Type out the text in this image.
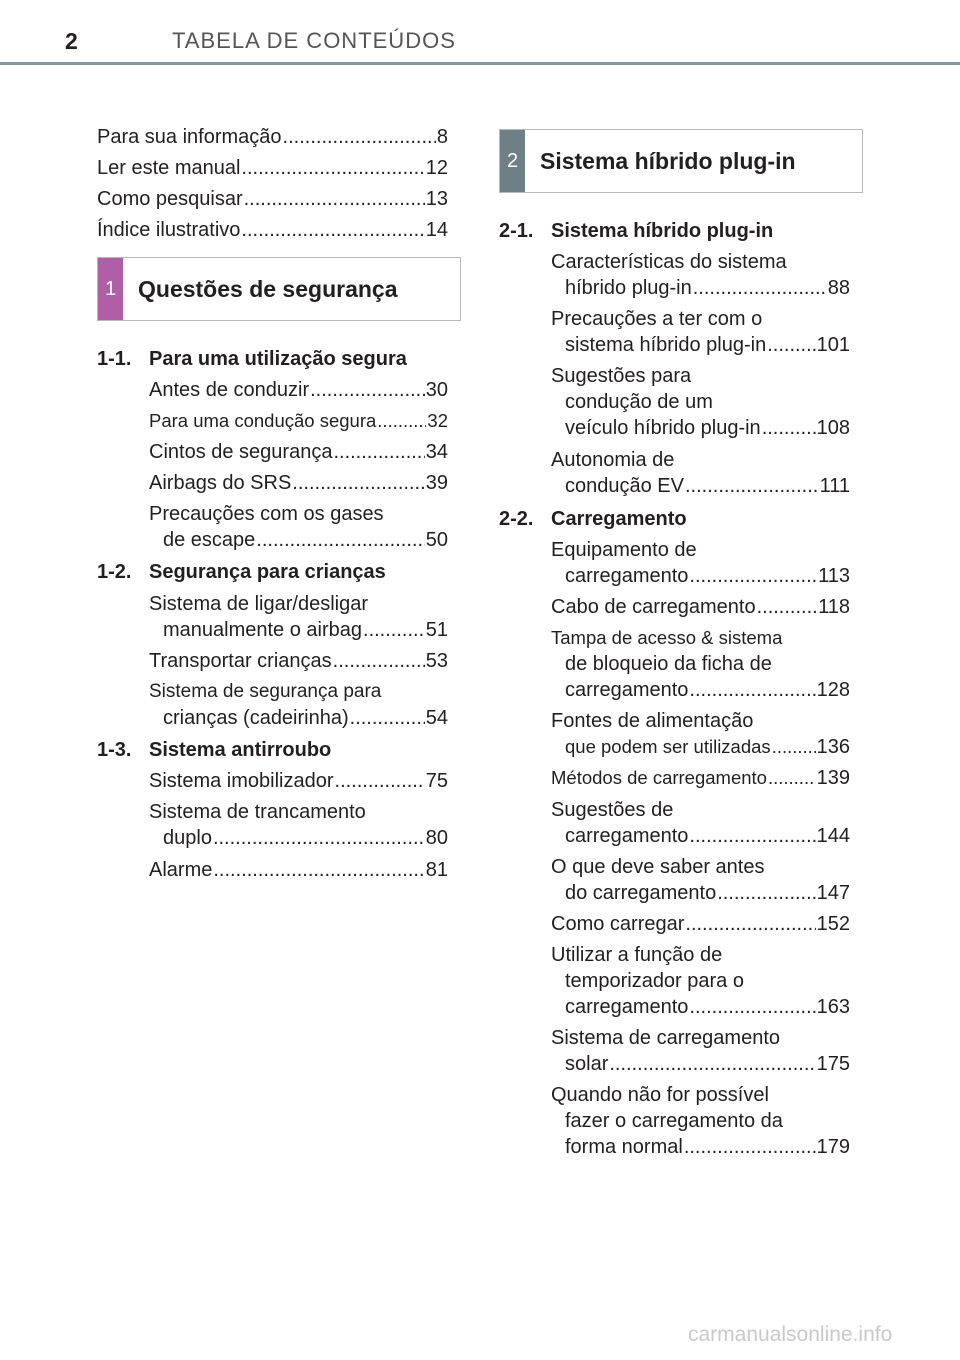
2	TABELA DE CONTEÚDOS
Para sua informação .....	8
Ler este manual .....	12
Como pesquisar .....	13
Índice ilustrativo .....	14
1 Questões de segurança
1-1. Para uma utilização segura
Antes de conduzir .....	30
Para uma condução segura .....	32
Cintos de segurança .....	34
Airbags do SRS .....	39
Precauções com os gases
de escape .....	50
1-2. Segurança para crianças
Sistema de ligar/desligar
manualmente o airbag .....	51
Transportar crianças .....	53
Sistema de segurança para
crianças (cadeirinha) .....	54
1-3. Sistema antirroubo
Sistema imobilizador .....	75
Sistema de trancamento
duplo .....	80
Alarme .....	81
2 Sistema híbrido plug-in
2-1. Sistema híbrido plug-in
Características do sistema
híbrido plug-in .....	88
Precauções a ter com o
sistema híbrido plug-in .....	101
Sugestões para
condução de um
veículo híbrido plug-in .....	108
Autonomia de
condução EV .....	111
2-2. Carregamento
Equipamento de
carregamento .....	113
Cabo de carregamento .....	118
Tampa de acesso & sistema
de bloqueio da ficha de
carregamento .....	128
Fontes de alimentação
que podem ser utilizadas ..... 136
Métodos de carregamento ..... 139
Sugestões de
carregamento .....	144
O que deve saber antes
do carregamento .....	147
Como carregar .....	152
Utilizar a função de
temporizador para o
carregamento .....	163
Sistema de carregamento
solar .....	175
Quando não for possível
fazer o carregamento da
forma normal .....	179
carmanualsonline.info
